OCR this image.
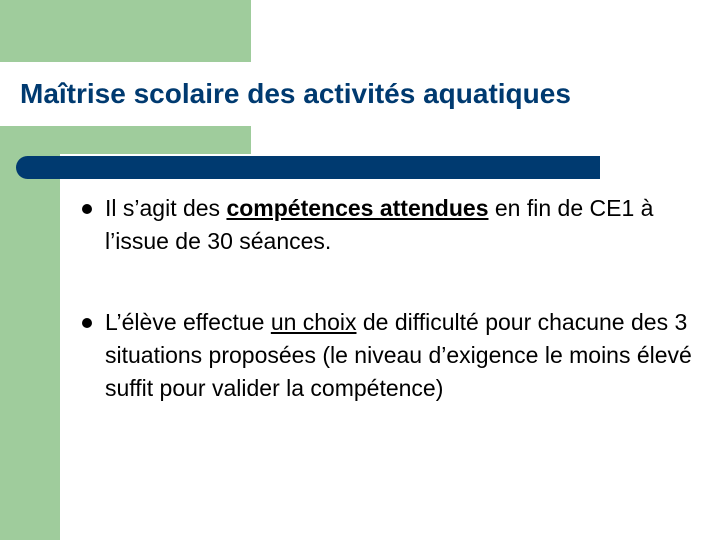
Maîtrise scolaire des activités aquatiques
Il s’agit des compétences attendues en fin de CE1 à l’issue de 30 séances.
L’élève effectue un choix de difficulté pour chacune des 3 situations proposées (le niveau d’exigence le moins élevé suffit pour valider la compétence)
